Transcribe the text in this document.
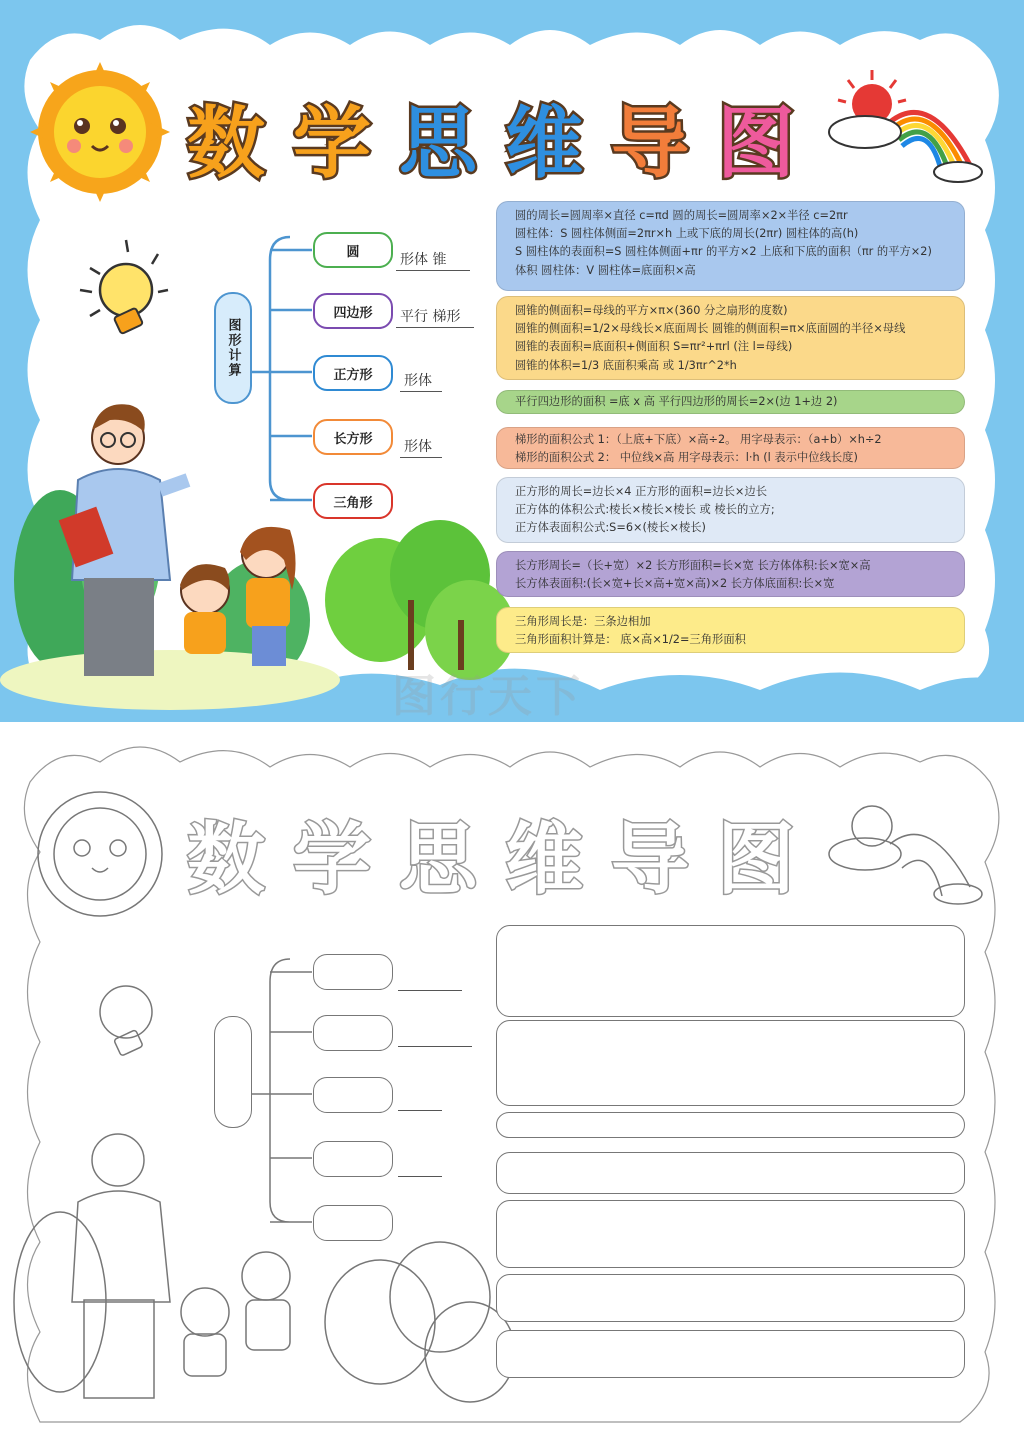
数 学 思 维 导 图
图形计算
圆	形体 锥
四边形	平行 梯形
正方形	形体
长方形	形体
三角形
圆的周长=圆周率×直径 c=πd 圆的周长=圆周率×2×半径 c=2πr
圆柱体：S 圆柱体侧面=2πr×h 上或下底的周长(2πr) 圆柱体的高(h)
S 圆柱体的表面积=S 圆柱体侧面+πr 的平方×2 上底和下底的面积（πr 的平方×2)
体积 圆柱体：V 圆柱体=底面积×高
圆锥的侧面积=母线的平方×π×(360 分之扇形的度数)
圆锥的侧面积=1/2×母线长×底面周长 圆锥的侧面积=π×底面圆的半径×母线
圆锥的表面积=底面积+侧面积 S=πr²+πrl (注 l=母线)
圆锥的体积=1/3 底面积乘高 或 1/3πr^2*h
平行四边形的面积 =底 x 高 平行四边形的周长=2×(边 1+边 2)
梯形的面积公式 1：（上底+下底）×高÷2。 用字母表示：（a+b）×h÷2
梯形的面积公式 2： 中位线×高 用字母表示：l·h (l 表示中位线长度)
正方形的周长=边长×4 正方形的面积=边长×边长
正方体的体积公式:棱长×棱长×棱长 或 棱长的立方;
正方体表面积公式:S=6×(棱长×棱长)
长方形周长=（长+宽）×2 长方形面积=长×宽 长方体体积:长×宽×高
长方体表面积:(长×宽+长×高+宽×高)×2 长方体底面积:长×宽
三角形周长是：三条边相加
三角形面积计算是： 底×高×1/2=三角形面积
图行天下
数 学 思 维 导 图
